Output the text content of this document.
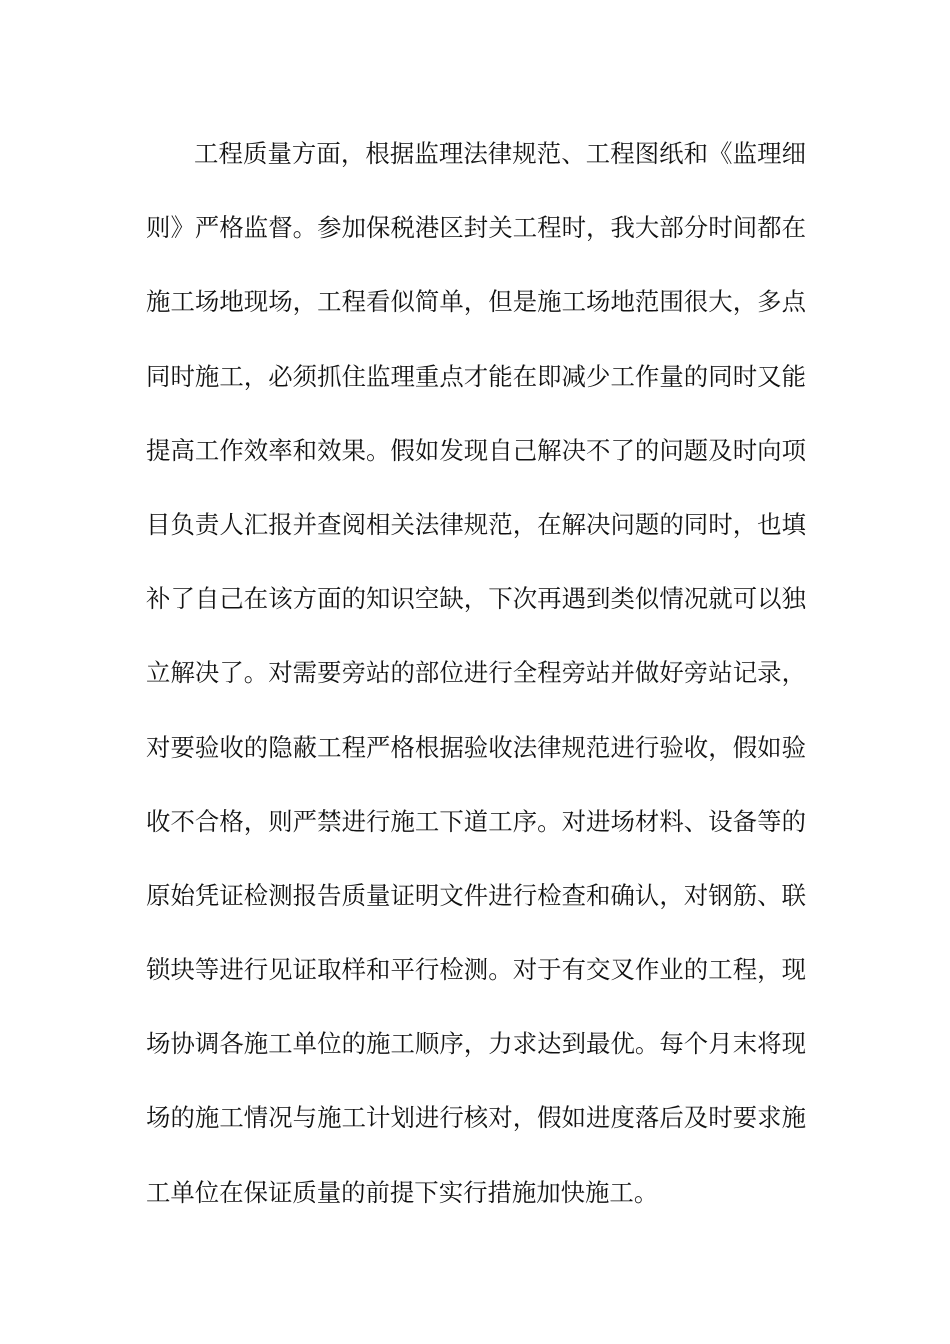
工程质量方面，根据监理法律规范、工程图纸和《监理细
则》严格监督。参加保税港区封关工程时，我大部分时间都在
施工场地现场，工程看似简单，但是施工场地范围很大，多点
同时施工，必须抓住监理重点才能在即减少工作量的同时又能
提高工作效率和效果。假如发现自己解决不了的问题及时向项
目负责人汇报并查阅相关法律规范，在解决问题的同时，也填
补了自己在该方面的知识空缺，下次再遇到类似情况就可以独
立解决了。对需要旁站的部位进行全程旁站并做好旁站记录，
对要验收的隐蔽工程严格根据验收法律规范进行验收，假如验
收不合格，则严禁进行施工下道工序。对进场材料、设备等的
原始凭证检测报告质量证明文件进行检查和确认，对钢筋、联
锁块等进行见证取样和平行检测。对于有交叉作业的工程，现
场协调各施工单位的施工顺序，力求达到最优。每个月末将现
场的施工情况与施工计划进行核对，假如进度落后及时要求施
工单位在保证质量的前提下实行措施加快施工。
